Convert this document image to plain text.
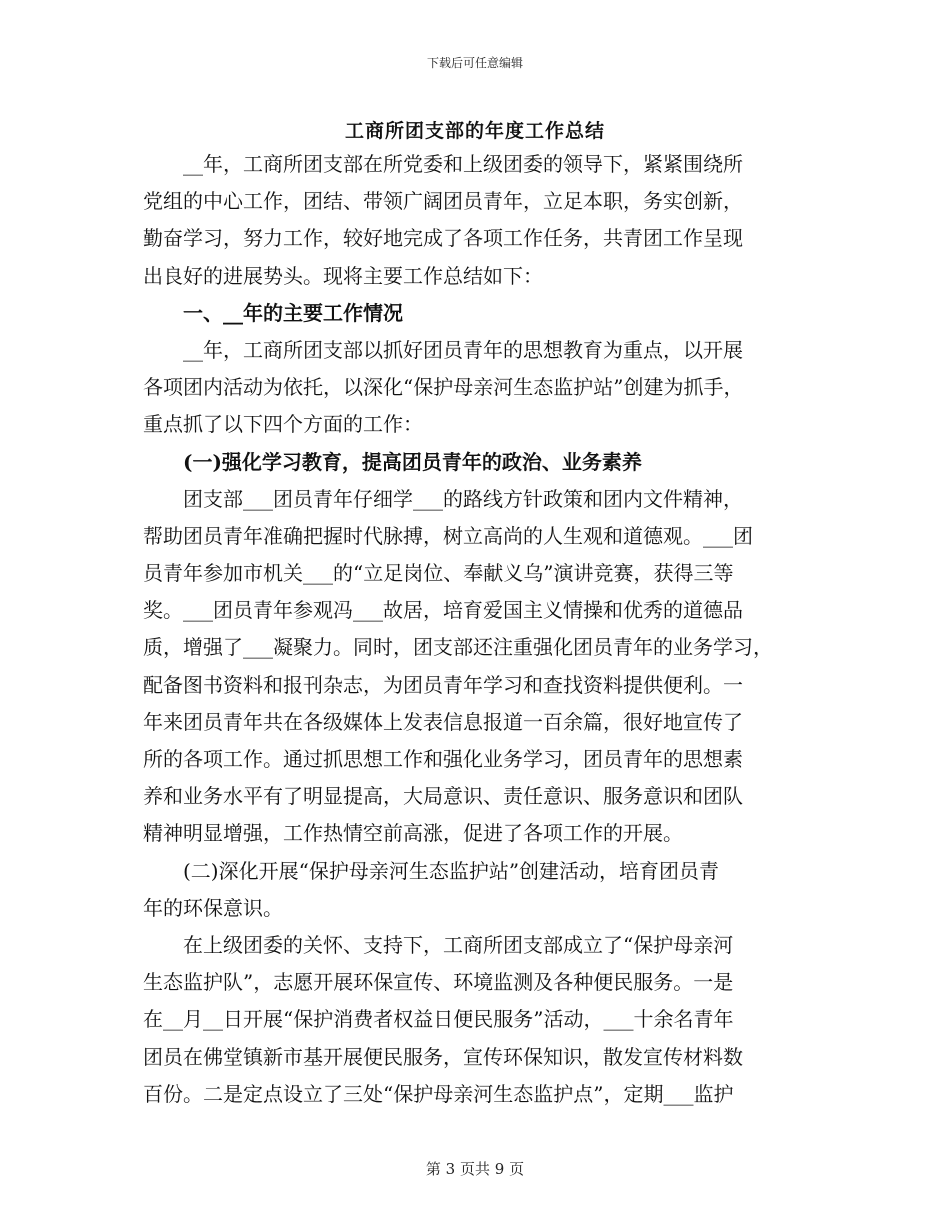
下载后可任意编辑
工商所团支部的年度工作总结
__年，工商所团支部在所党委和上级团委的领导下，紧紧围绕所
党组的中心工作，团结、带领广阔团员青年，立足本职，务实创新，
勤奋学习，努力工作，较好地完成了各项工作任务，共青团工作呈现
出良好的进展势头。现将主要工作总结如下：
一、__年的主要工作情况
__年，工商所团支部以抓好团员青年的思想教育为重点，以开展
各项团内活动为依托，以深化“保护母亲河生态监护站”创建为抓手，
重点抓了以下四个方面的工作：
(一)强化学习教育，提高团员青年的政治、业务素养
团支部___团员青年仔细学___的路线方针政策和团内文件精神，
帮助团员青年准确把握时代脉搏，树立高尚的人生观和道德观。___团
员青年参加市机关___的“立足岗位、奉献义乌”演讲竞赛，获得三等
奖。___团员青年参观冯___故居，培育爱国主义情操和优秀的道德品
质，增强了___凝聚力。同时，团支部还注重强化团员青年的业务学习，
配备图书资料和报刊杂志，为团员青年学习和查找资料提供便利。一
年来团员青年共在各级媒体上发表信息报道一百余篇，很好地宣传了
所的各项工作。通过抓思想工作和强化业务学习，团员青年的思想素
养和业务水平有了明显提高，大局意识、责任意识、服务意识和团队
精神明显增强，工作热情空前高涨，促进了各项工作的开展。
(二)深化开展“保护母亲河生态监护站”创建活动，培育团员青
年的环保意识。
在上级团委的关怀、支持下，工商所团支部成立了“保护母亲河
生态监护队”，志愿开展环保宣传、环境监测及各种便民服务。一是
在__月__日开展“保护消费者权益日便民服务”活动，___十余名青年
团员在佛堂镇新市基开展便民服务，宣传环保知识，散发宣传材料数
百份。二是定点设立了三处“保护母亲河生态监护点”，定期___监护
第 3 页共 9 页
